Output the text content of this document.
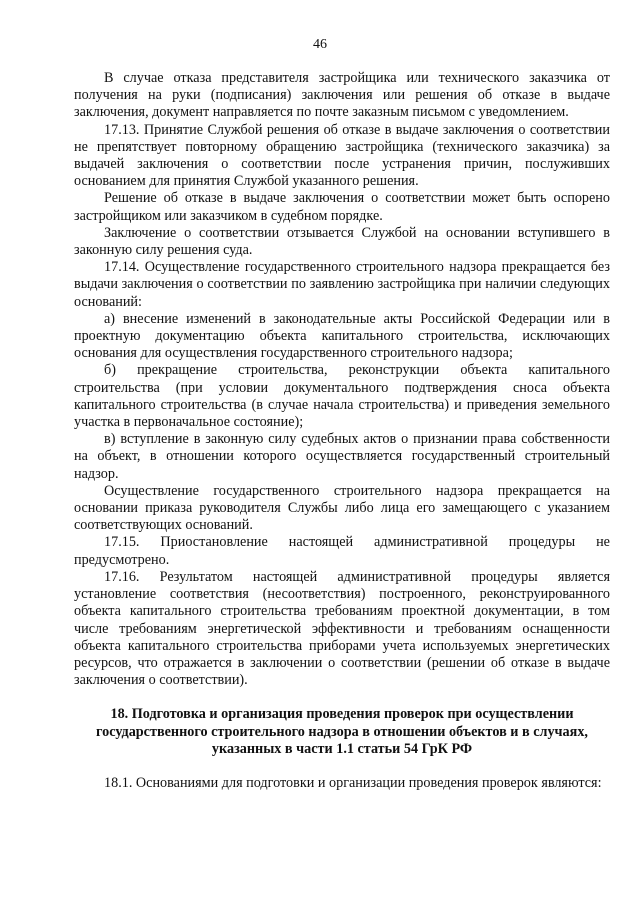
46

В случае отказа представителя застройщика или технического заказчика от получения на руки (подписания) заключения или решения об отказе в выдаче заключения, документ направляется по почте заказным письмом с уведомлением.

17.13. Принятие Службой решения об отказе в выдаче заключения о соответствии не препятствует повторному обращению застройщика (технического заказчика) за выдачей заключения о соответствии после устранения причин, послуживших основанием для принятия Службой указанного решения.

Решение об отказе в выдаче заключения о соответствии может быть оспорено застройщиком или заказчиком в судебном порядке.

Заключение о соответствии отзывается Службой на основании вступившего в законную силу решения суда.

17.14. Осуществление государственного строительного надзора прекращается без выдачи заключения о соответствии по заявлению застройщика при наличии следующих оснований:

а) внесение изменений в законодательные акты Российской Федерации или в проектную документацию объекта капитального строительства, исключающих основания для осуществления государственного строительного надзора;

б) прекращение строительства, реконструкции объекта капитального строительства (при условии документального подтверждения сноса объекта капитального строительства (в случае начала строительства) и приведения земельного участка в первоначальное состояние);

в) вступление в законную силу судебных актов о признании права собственности на объект, в отношении которого осуществляется государственный строительный надзор.

Осуществление государственного строительного надзора прекращается на основании приказа руководителя Службы либо лица его замещающего с указанием соответствующих оснований.

17.15. Приостановление настоящей административной процедуры не предусмотрено.

17.16. Результатом настоящей административной процедуры является установление соответствия (несоответствия) построенного, реконструированного объекта капитального строительства требованиям проектной документации, в том числе требованиям энергетической эффективности и требованиям оснащенности объекта капитального строительства приборами учета используемых энергетических ресурсов, что отражается в заключении о соответствии (решении об отказе в выдаче заключения о соответствии).

18. Подготовка и организация проведения проверок при осуществлении государственного строительного надзора в отношении объектов и в случаях, указанных в части 1.1 статьи 54 ГрК РФ

18.1. Основаниями для подготовки и организации проведения проверок являются:
